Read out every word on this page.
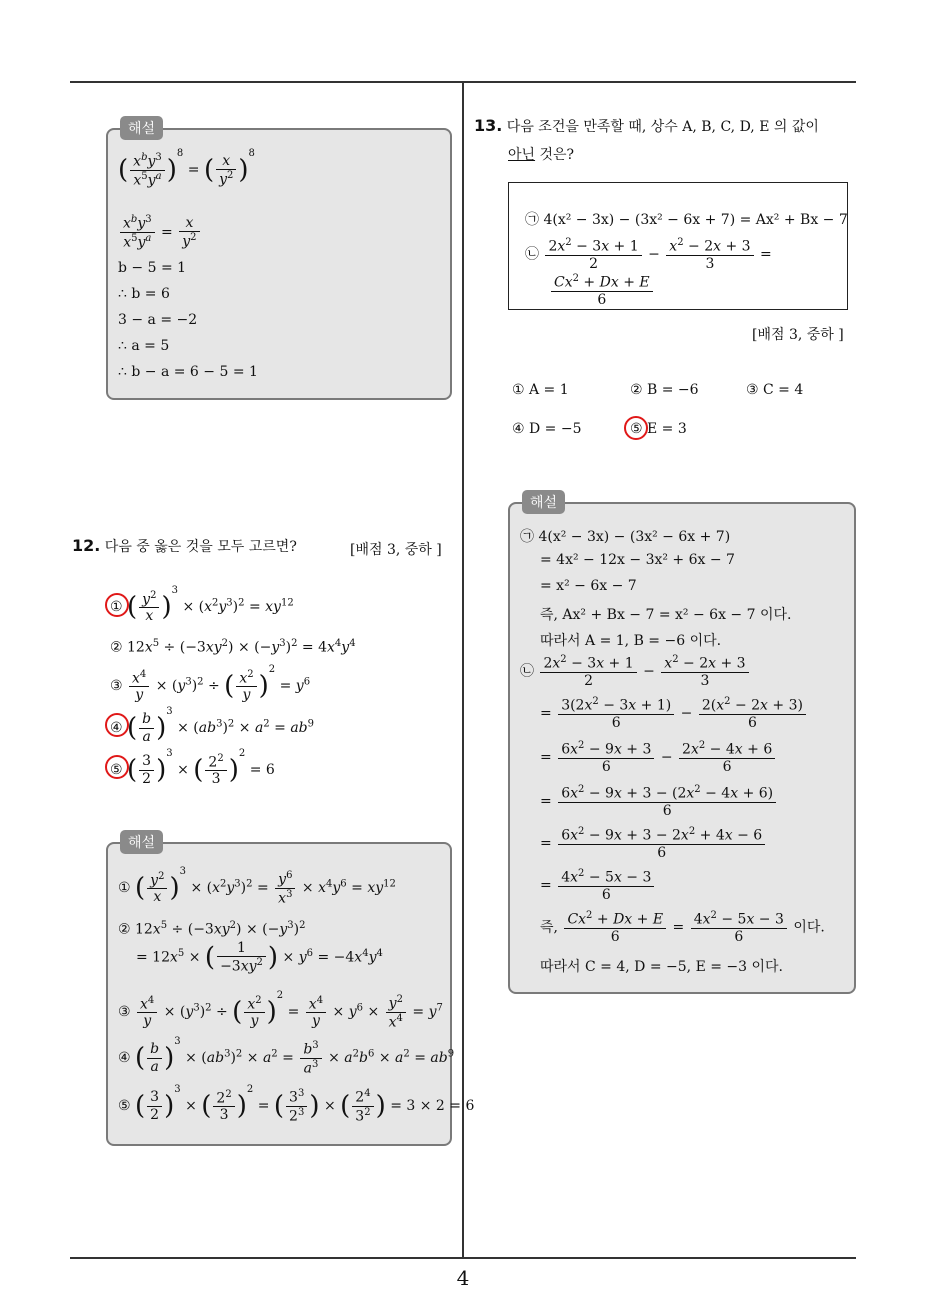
해설
( $\frac{x^by^3}{x^5y^a} )^8$ = ( $\frac{x}{y^2} )^8$
$\frac{x^by^3}{x^5y^a} = \frac{x}{y^2}$
b − 5 = 1
∴ b = 6
3 − a = −2
∴ a = 5
∴ b − a = 6 − 5 = 1
12. 다음 중 옳은 것을 모두 고르면?	[배점 3, 중하 ]
① ( $\frac{y^2}{x} )^3 \times (x^2y^3)^2 = xy^{12}$
② $12x^5 \div (-3xy^2) \times (-y^3)^2 = 4x^4y^4$
③ $\frac{x^4}{y} \times (y^3)^2$ ÷ ( $\frac{x^2}{y} )^2 = y^6$
④ ( $\frac{b}{a} )^3 \times (ab^3)^2 \times a^2 = ab^9$
⑤ ( $\frac{3}{2} )^3$ × ( $\frac{2^2}{3} )^2 = 6$
해설
① ( $\frac{y^2}{x} )^3 \times (x^2y^3)^2 = \frac{y^6}{x^3} \times x^4y^6 = xy^{12}$
② $12x^5 \div (-3xy^2) \times (-y^3)^2$
= $12x^5$ × ( $\frac{1}{-3xy^2}$ ) × $y^6 = -4x^4y^4$
③ $\frac{x^4}{y} \times (y^3)^2$ ÷ ( $\frac{x^2}{y} )^2 = \frac{x^4}{y} \times y^6 \times \frac{y^2}{x^4} = y^7$
④ ( $\frac{b}{a} )^3 \times (ab^3)^2 \times a^2 = \frac{b^3}{a^3} \times a^2b^6 \times a^2 = ab^9$
⑤ ( $\frac{3}{2} )^3$ × ( $\frac{2^2}{3} )^2$ = ( $\frac{3^3}{2^3}$ ) × ( $\frac{2^4}{3^2}$ ) = 3 × 2 = 6
13. 다음 조건을 만족할 때, 상수 A, B, C, D, E 의 값이
아닌 것은?
㉠ 4(x² − 3x) − (3x² − 6x + 7) = Ax² + Bx − 7
㉡ $\frac{2x^2 - 3x + 1}{2} - \frac{x^2 - 2x + 3}{3}$ =
$\frac{Cx^2 + Dx + E}{6}$
[배점 3, 중하 ]
① A = 1	② B = −6	③ C = 4
④ D = −5	⑤ E = 3
해설
㉠ 4(x² − 3x) − (3x² − 6x + 7)
= 4x² − 12x − 3x² + 6x − 7
= x² − 6x − 7
즉, Ax² + Bx − 7 = x² − 6x − 7 이다.
따라서 A = 1, B = −6 이다.
㉡ $\frac{2x^2 - 3x + 1}{2} - \frac{x^2 - 2x + 3}{3}$
= $\frac{3(2x^2 - 3x + 1)}{6} - \frac{2(x^2 - 2x + 3)}{6}$
= $\frac{6x^2 - 9x + 3}{6} - \frac{2x^2 - 4x + 6}{6}$
= $\frac{6x^2 - 9x + 3 - (2x^2 - 4x + 6)}{6}$
= $\frac{6x^2 - 9x + 3 - 2x^2 + 4x - 6}{6}$
= $\frac{4x^2 - 5x - 3}{6}$
즉, $\frac{Cx^2 + Dx + E}{6} = \frac{4x^2 - 5x - 3}{6}$ 이다.
따라서 C = 4, D = −5, E = −3 이다.
4
